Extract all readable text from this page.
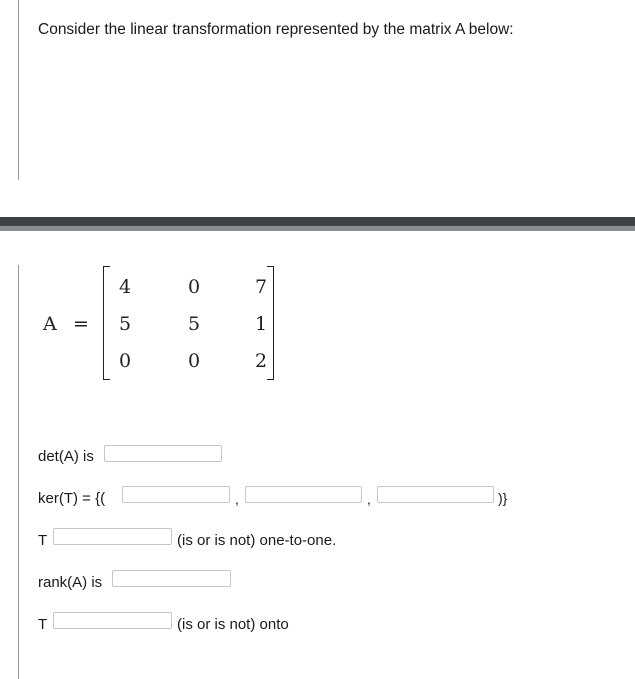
Consider the linear transformation represented by the matrix A below:
A =
4	0	7
5	5	1
0	0	2
det(A) is
ker(T) = {(	,	,	)}
T	(is or is not) one-to-one.
rank(A) is
T	(is or is not) onto
